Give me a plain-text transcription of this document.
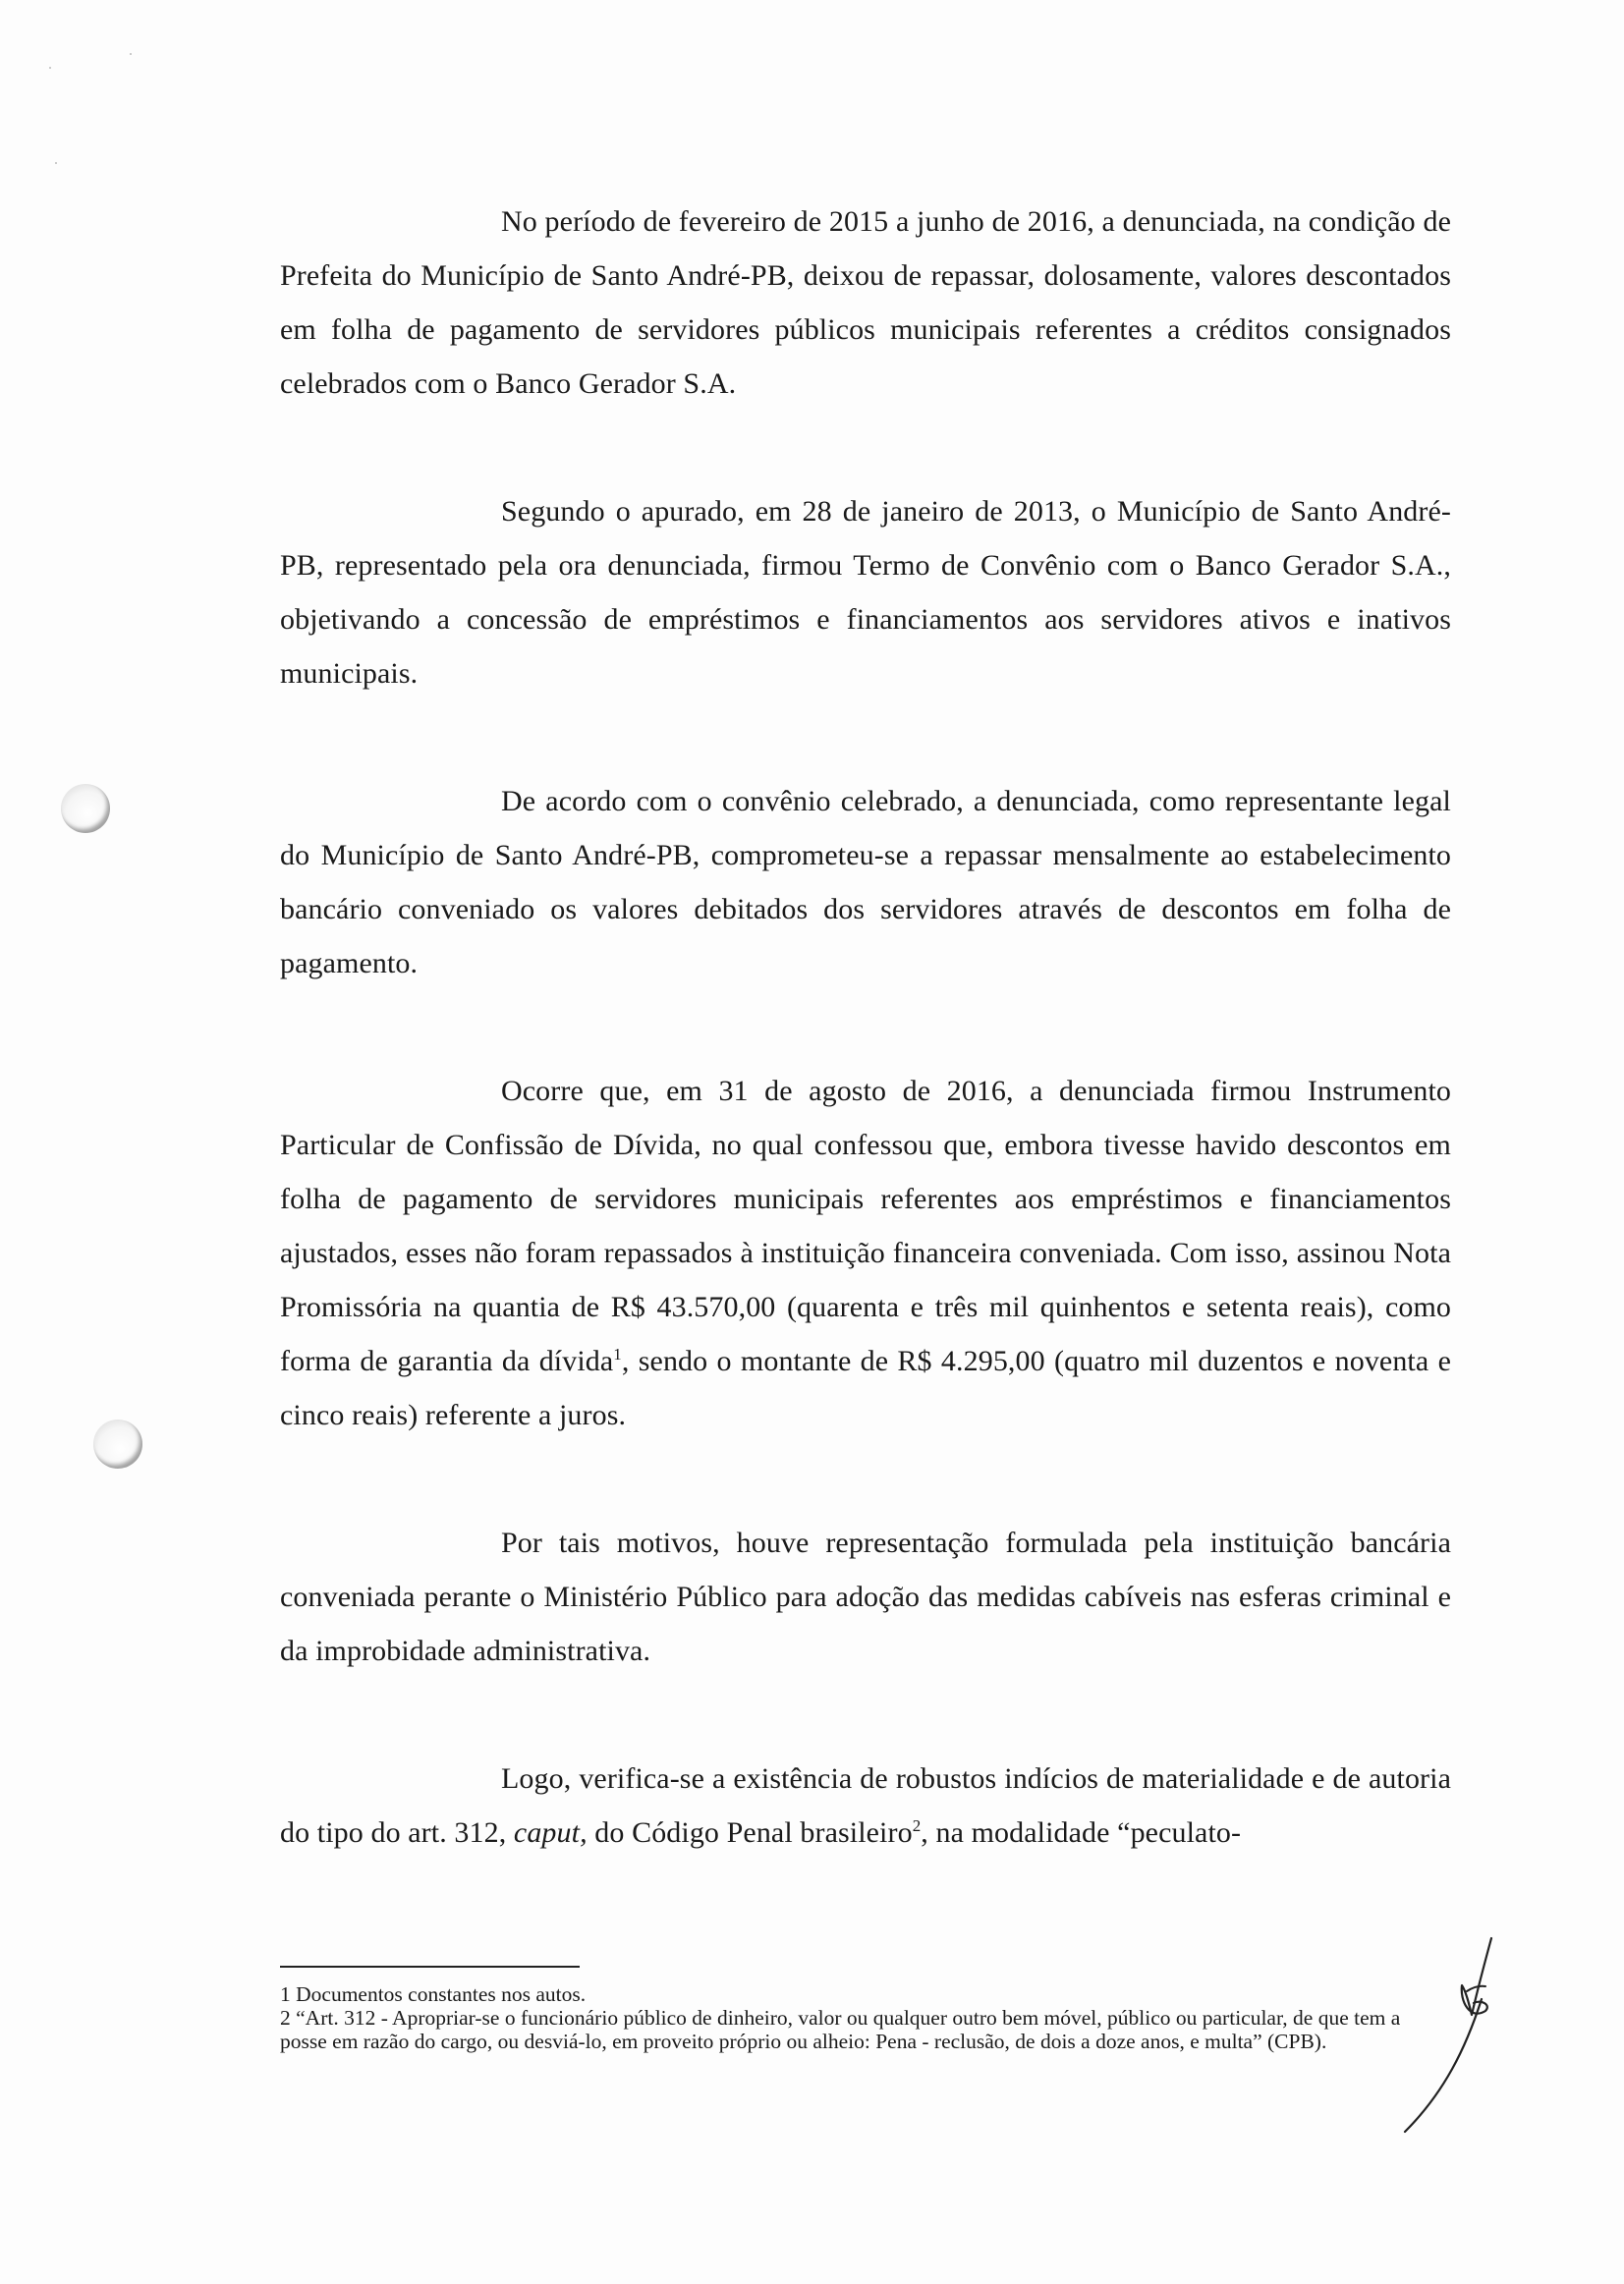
No período de fevereiro de 2015 a junho de 2016, a denunciada, na condição de Prefeita do Município de Santo André-PB, deixou de repassar, dolosamente, valores descontados em folha de pagamento de servidores públicos municipais referentes a créditos consignados celebrados com o Banco Gerador S.A.

Segundo o apurado, em 28 de janeiro de 2013, o Município de Santo André-PB, representado pela ora denunciada, firmou Termo de Convênio com o Banco Gerador S.A., objetivando a concessão de empréstimos e financiamentos aos servidores ativos e inativos municipais.

De acordo com o convênio celebrado, a denunciada, como representante legal do Município de Santo André-PB, comprometeu-se a repassar mensalmente ao estabelecimento bancário conveniado os valores debitados dos servidores através de descontos em folha de pagamento.

Ocorre que, em 31 de agosto de 2016, a denunciada firmou Instrumento Particular de Confissão de Dívida, no qual confessou que, embora tivesse havido descontos em folha de pagamento de servidores municipais referentes aos empréstimos e financiamentos ajustados, esses não foram repassados à instituição financeira conveniada. Com isso, assinou Nota Promissória na quantia de R$ 43.570,00 (quarenta e três mil quinhentos e setenta reais), como forma de garantia da dívida$^1$, sendo o montante de R$ 4.295,00 (quatro mil duzentos e noventa e cinco reais) referente a juros.

Por tais motivos, houve representação formulada pela instituição bancária conveniada perante o Ministério Público para adoção das medidas cabíveis nas esferas criminal e da improbidade administrativa.

Logo, verifica-se a existência de robustos indícios de materialidade e de autoria do tipo do art. 312, caput, do Código Penal brasileiro$^2$, na modalidade “peculato-

1 Documentos constantes nos autos.

2 “Art. 312 - Apropriar-se o funcionário público de dinheiro, valor ou qualquer outro bem móvel, público ou particular, de que tem a posse em razão do cargo, ou desviá-lo, em proveito próprio ou alheio: Pena - reclusão, de dois a doze anos, e multa” (CPB).
